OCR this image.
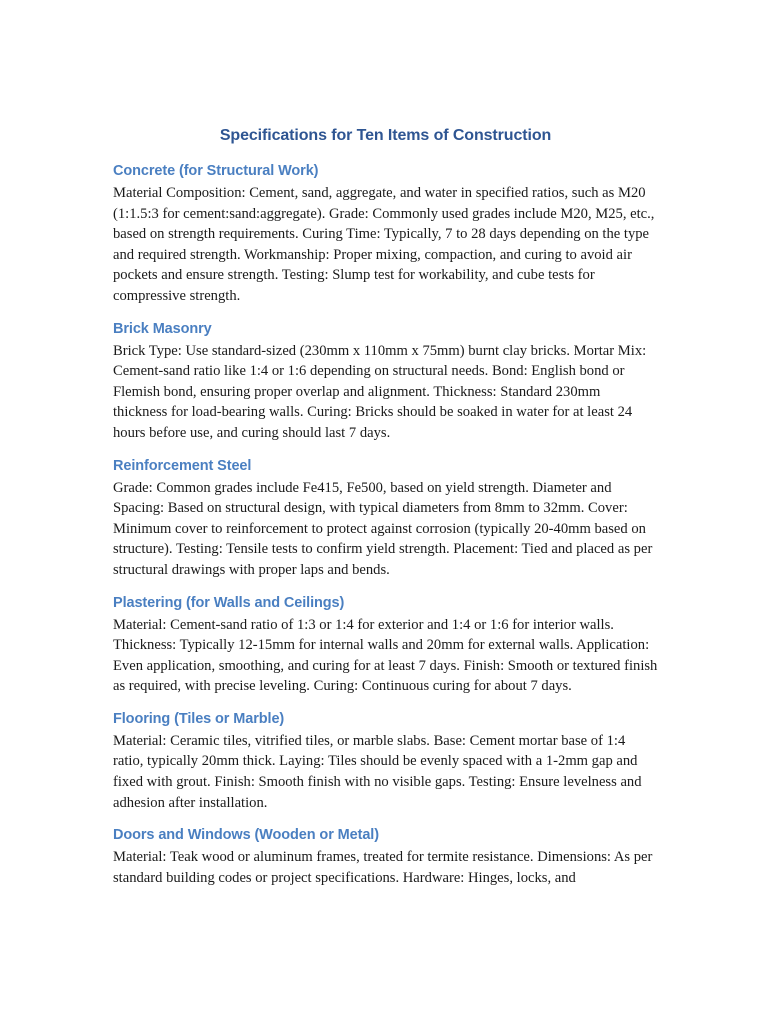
Specifications for Ten Items of Construction
Concrete (for Structural Work)

Material Composition: Cement, sand, aggregate, and water in specified ratios, such as M20 (1:1.5:3 for cement:sand:aggregate). Grade: Commonly used grades include M20, M25, etc., based on strength requirements. Curing Time: Typically, 7 to 28 days depending on the type and required strength. Workmanship: Proper mixing, compaction, and curing to avoid air pockets and ensure strength. Testing: Slump test for workability, and cube tests for compressive strength.

Brick Masonry

Brick Type: Use standard-sized (230mm x 110mm x 75mm) burnt clay bricks. Mortar Mix: Cement-sand ratio like 1:4 or 1:6 depending on structural needs. Bond: English bond or Flemish bond, ensuring proper overlap and alignment. Thickness: Standard 230mm thickness for load-bearing walls. Curing: Bricks should be soaked in water for at least 24 hours before use, and curing should last 7 days.

Reinforcement Steel

Grade: Common grades include Fe415, Fe500, based on yield strength. Diameter and Spacing: Based on structural design, with typical diameters from 8mm to 32mm. Cover: Minimum cover to reinforcement to protect against corrosion (typically 20-40mm based on structure). Testing: Tensile tests to confirm yield strength. Placement: Tied and placed as per structural drawings with proper laps and bends.

Plastering (for Walls and Ceilings)

Material: Cement-sand ratio of 1:3 or 1:4 for exterior and 1:4 or 1:6 for interior walls. Thickness: Typically 12-15mm for internal walls and 20mm for external walls. Application: Even application, smoothing, and curing for at least 7 days. Finish: Smooth or textured finish as required, with precise leveling. Curing: Continuous curing for about 7 days.

Flooring (Tiles or Marble)

Material: Ceramic tiles, vitrified tiles, or marble slabs. Base: Cement mortar base of 1:4 ratio, typically 20mm thick. Laying: Tiles should be evenly spaced with a 1-2mm gap and fixed with grout. Finish: Smooth finish with no visible gaps. Testing: Ensure levelness and adhesion after installation.

Doors and Windows (Wooden or Metal)

Material: Teak wood or aluminum frames, treated for termite resistance. Dimensions: As per standard building codes or project specifications. Hardware: Hinges, locks, and
